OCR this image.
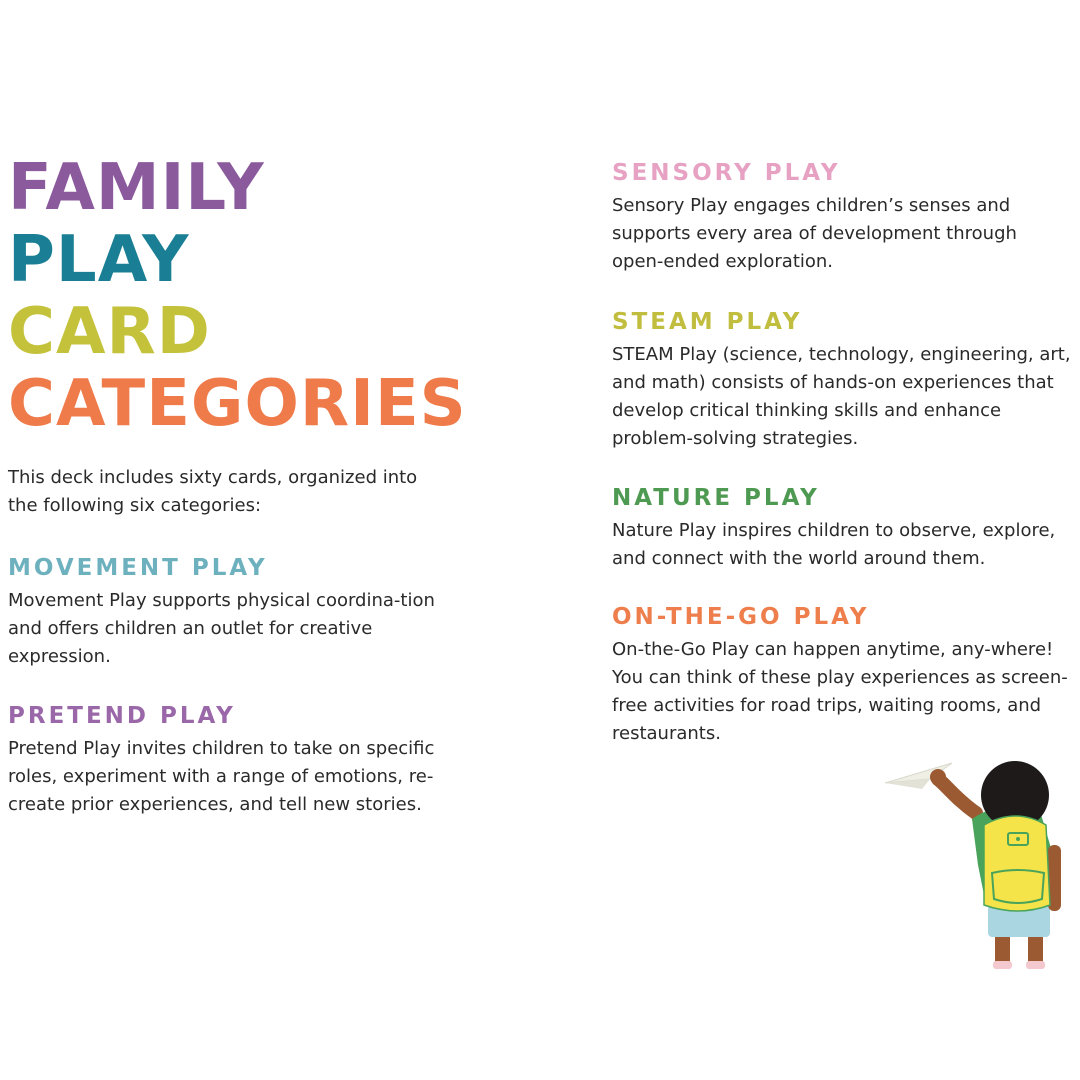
FAMILY
PLAY
CARD
CATEGORIES

This deck includes sixty cards, organized into the following six categories:

MOVEMENT PLAY

Movement Play supports physical coordina-tion and offers children an outlet for creative expression.

PRETEND PLAY

Pretend Play invites children to take on specific roles, experiment with a range of emotions, re-create prior experiences, and tell new stories.

SENSORY PLAY

Sensory Play engages children’s senses and supports every area of development through open-ended exploration.

STEAM PLAY

STEAM Play (science, technology, engineering, art, and math) consists of hands-on experiences that develop critical thinking skills and enhance problem-solving strategies.

NATURE PLAY

Nature Play inspires children to observe, explore, and connect with the world around them.

ON-THE-GO PLAY

On-the-Go Play can happen anytime, any-where! You can think of these play experiences as screen-free activities for road trips, waiting rooms, and restaurants.
